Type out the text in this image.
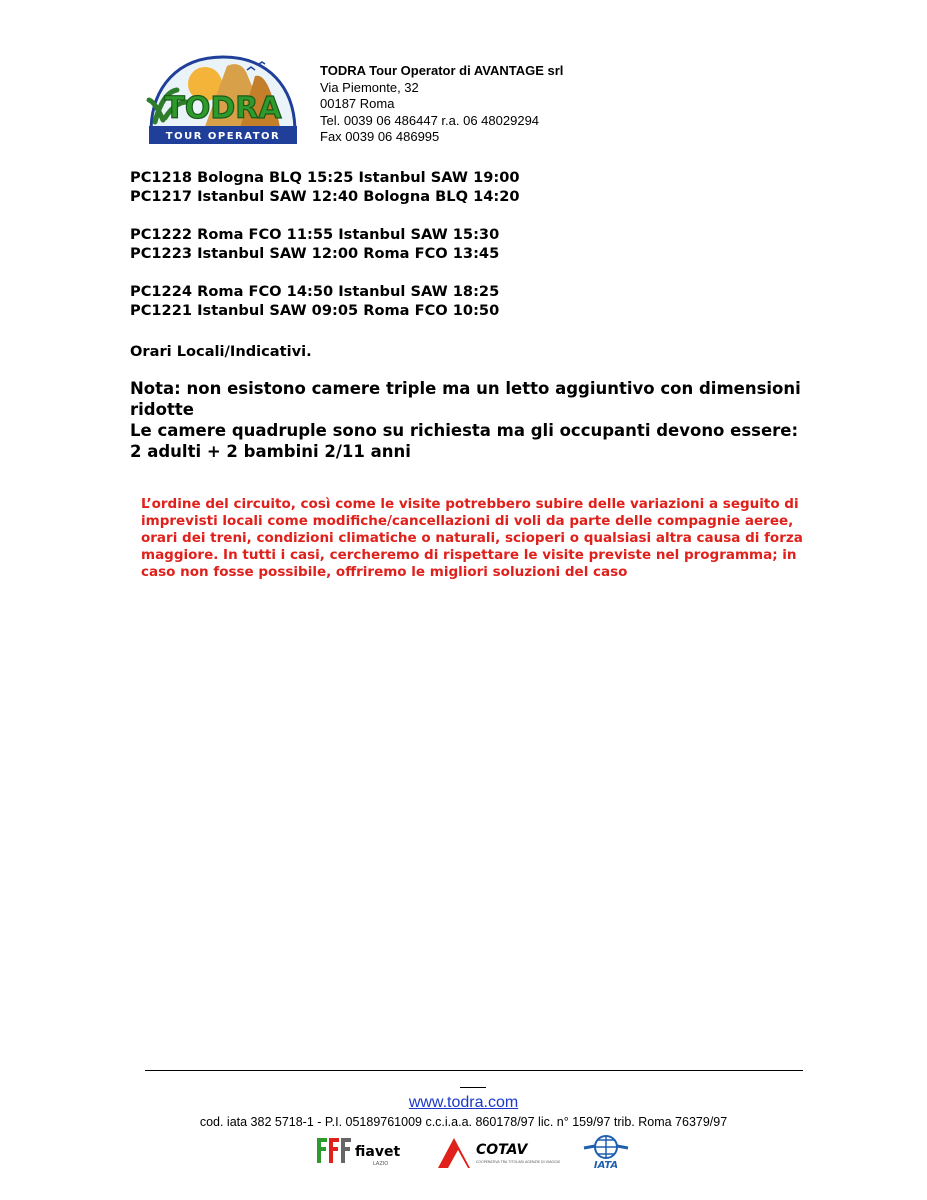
TODRA
TOUR OPERATOR
TODRA Tour Operator di AVANTAGE srl
Via Piemonte, 32
00187 Roma
Tel. 0039 06 486447 r.a. 06 48029294
Fax 0039 06 486995
PC1218 Bologna BLQ 15:25 Istanbul SAW 19:00
PC1217 Istanbul SAW 12:40 Bologna BLQ 14:20
PC1222 Roma FCO 11:55 Istanbul SAW 15:30
PC1223 Istanbul SAW 12:00 Roma FCO 13:45
PC1224 Roma FCO 14:50 Istanbul SAW 18:25
PC1221 Istanbul SAW 09:05 Roma FCO 10:50
Orari Locali/Indicativi.
Nota: non esistono camere triple ma un letto aggiuntivo con dimensioni ridotte
Le camere quadruple sono su richiesta ma gli occupanti devono essere: 2 adulti + 2 bambini 2/11 anni
L’ordine del circuito, così come le visite potrebbero subire delle variazioni a seguito di imprevisti locali come modifiche/cancellazioni di voli da parte delle compagnie aeree, orari dei treni, condizioni climatiche o naturali, scioperi o qualsiasi altra causa di forza maggiore. In tutti i casi, cercheremo di rispettare le visite previste nel programma; in caso non fosse possibile, offriremo le migliori soluzioni del caso
www.todra.com
cod. iata 382 5718-1 - P.I. 05189761009 c.c.i.a.a. 860178/97 lic. n° 159/97 trib. Roma 76379/97
fiavet
LAZIO
COTAV
COOPERATIVA TRA TITOLARI AGENZIE DI VIAGGIO	IATA
